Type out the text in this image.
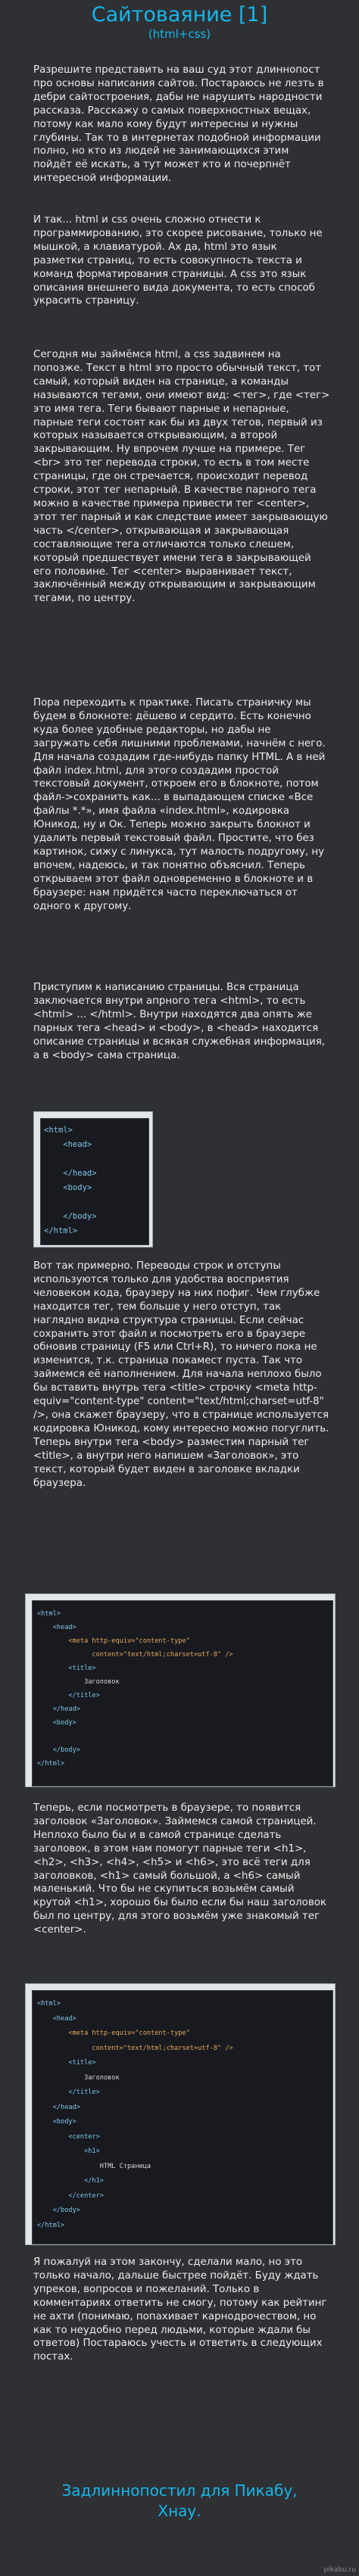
Сайтоваяние [1]
(html+css)

Разрешите представить на ваш суд этот длиннопост про основы написания сайтов. Постараюсь не лезть в дебри сайтостроения, дабы не нарушить народности рассказа. Расскажу о самых поверхностных вещах, потому как мало кому будут интересны и нужны глубины. Так то в интернетах подобной информации полно, но кто из людей не занимающихся этим пойдёт её искать, а тут может кто и почерпнёт интересной информации.

И так... html и css очень сложно отнести к программированию, это скорее рисование, только не мышкой, а клавиатурой. Ах да, html это язык разметки страниц, то есть совокупность текста и команд форматирования страницы. А css это язык описания внешнего вида документа, то есть способ украсить страницу.

Сегодня мы займёмся html, а css задвинем на попозже. Текст в html это просто обычный текст, тот самый, который виден на странице, а команды называются тегами, они имеют вид: <тег>, где <тег> это имя тега. Теги бывают парные и непарные, парные теги состоят как бы из двух тегов, первый из которых называется открывающим, а второй закрывающим. Ну впрочем лучше на примере. Тег <br> это тег перевода строки, то есть в том месте страницы, где он стречается, происходит перевод строки, этот тег непарный. В качестве парного тега можно в качестве примера привести тег <center>, этот тег парный и как следствие имеет закрывающую часть </center>, открывающая и закрывающая составляющие тега отличаются только слешем, который предшествует имени тега в закрывающей его половине. Тег <center> выравнивает текст, заключённый между открывающим и закрывающим тегами, по центру.

Пора переходить к практике. Писать страничку мы будем в блокноте: дёшево и сердито. Есть конечно куда более удобные редакторы, но дабы не загружать себя лишними проблемами, начнём с него. Для начала создадим где-нибудь папку HTML. А в ней файл index.html, для этого создадим простой текстовый документ, откроем его в блокноте, потом файл->сохранить как... в выпадающем списке «Все файлы *.*», имя файла «index.html», кодировка Юникод, ну и Ок. Теперь можно закрыть блокнот и удалить первый текстовый файл. Простите, что без картинок, сижу с линукса, тут малость подругому, ну впочем, надеюсь, и так понятно объяснил. Теперь открываем этот файл одновременно в блокноте и в браузере: нам придётся часто переключаться от одного к другому.

Приступим к написанию страницы. Вся страница заключается внутри апрного тега <html>, то есть <html> ... </html>. Внутри находятся два опять же парных тега <head> и <body>, в <head> находится описание страницы и всякая служебная информация, а в <body> сама страница.

<html>
<head>

</head>
<body>

</body>
</html>

Вот так примерно. Переводы строк и отступы используются только для удобства восприятия человеком кода, браузеру на них пофиг. Чем глубже находится тег, тем больше у него отступ, так наглядно видна структура страницы. Если сейчас сохранить этот файл и посмотреть его в браузере обновив страницу (F5 или Ctrl+R), то ничего пока не изменится, т.к. страница покамест пуста. Так что займемся её наполнением. Для начала неплохо было бы вставить внутрь тега <title> строчку <meta http-equiv="content-type" content="text/html;charset=utf-8" />, она скажет браузеру, что в странице используется кодировка Юникод, кому интересно можно погуглить. Теперь внутри тега <body> разместим парный тег <title>, а внутри него напишем «Заголовок», это текст, который будет виден в заголовке вкладки браузера.

<html>
<head>
<meta http-equiv="content-type"
content="text/html;charset=utf-8" />
<title>
Заголовок
</title>
</head>
<body>

</body>
</html>

Теперь, если посмотреть в браузере, то появится заголовок «Заголовок». Займемся самой страницей. Неплохо было бы и в самой странице сделать заголовок, в этом нам помогут парные теги <h1>, <h2>, <h3>, <h4>, <h5> и <h6>, это всё теги для заголовков, <h1> самый большой, а <h6> самый маленький. Что бы не скупиться возьмём самый крутой <h1>, хорошо бы было если бы наш заголовок был по центру, для этого возьмём уже знакомый тег <center>.

<html>
<head>
<meta http-equiv="content-type"
content="text/html;charset=utf-8" />
<title>
Заголовок
</title>
</head>
<body>
<center>
<h1>
HTML Страница
</h1>
</center>
</body>
</html>

Я пожалуй на этом закончу, сделали мало, но это только начало, дальше быстрее пойдёт. Буду ждать упреков, вопросов и пожеланий. Только в комментариях ответить не смогу, потому как рейтинг не ахти (понимаю, попахивает карнодрочеством, но как то неудобно перед людьми, которые ждали бы ответов) Постараюсь учесть и ответить в следующих постах.

Задлиннопостил для Пикабу,
Хнау.
pikabu.ru
